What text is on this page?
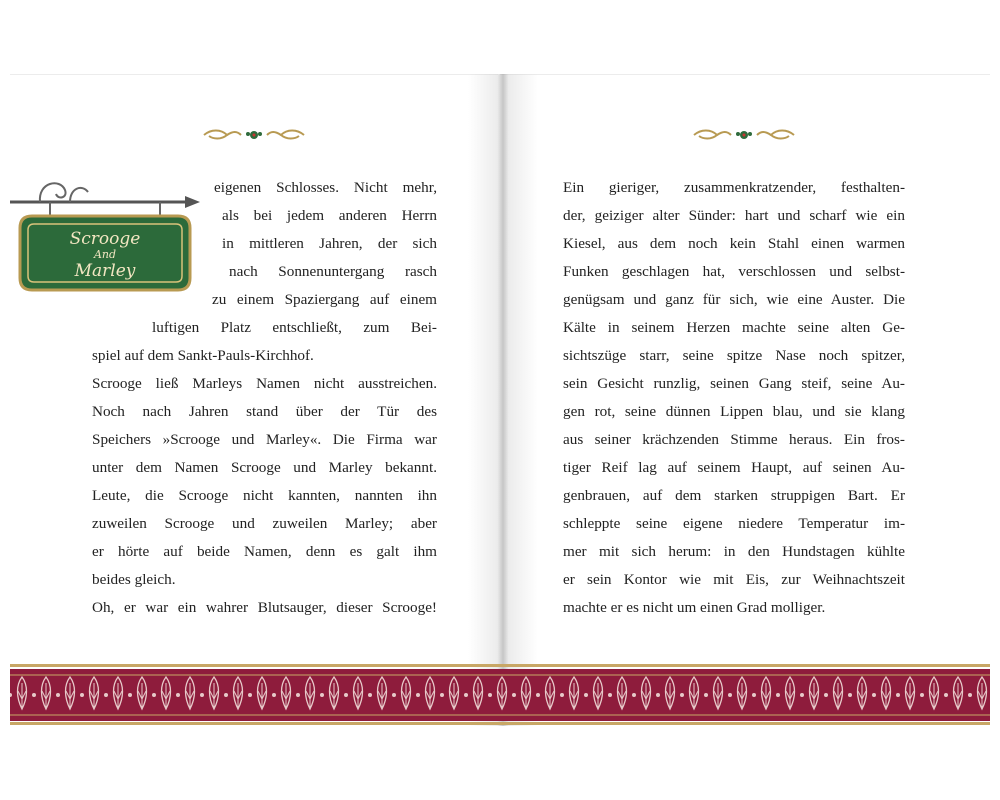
Scrooge
And
Marley
eigenen Schlosses. Nicht mehr,
als bei jedem anderen Herrn
in mittleren Jahren, der sich
nach Sonnenuntergang rasch
zu einem Spaziergang auf einem
luftigen Platz entschließt, zum Bei-
spiel auf dem Sankt-Pauls-Kirchhof.
Scrooge ließ Marleys Namen nicht ausstreichen.
Noch nach Jahren stand über der Tür des
Speichers »Scrooge und Marley«. Die Firma war
unter dem Namen Scrooge und Marley bekannt.
Leute, die Scrooge nicht kannten, nannten ihn
zuweilen Scrooge und zuweilen Marley; aber
er hörte auf beide Namen, denn es galt ihm
beides gleich.
Oh, er war ein wahrer Blutsauger, dieser Scrooge!
Ein gieriger, zusammenkratzender, festhalten-
der, geiziger alter Sünder: hart und scharf wie ein
Kiesel, aus dem noch kein Stahl einen warmen
Funken geschlagen hat, verschlossen und selbst-
genügsam und ganz für sich, wie eine Auster. Die
Kälte in seinem Herzen machte seine alten Ge-
sichtszüge starr, seine spitze Nase noch spitzer,
sein Gesicht runzlig, seinen Gang steif, seine Au-
gen rot, seine dünnen Lippen blau, und sie klang
aus seiner krächzenden Stimme heraus. Ein fros-
tiger Reif lag auf seinem Haupt, auf seinen Au-
genbrauen, auf dem starken struppigen Bart. Er
schleppte seine eigene niedere Temperatur im-
mer mit sich herum: in den Hundstagen kühlte
er sein Kontor wie mit Eis, zur Weihnachtszeit
machte er es nicht um einen Grad molliger.
